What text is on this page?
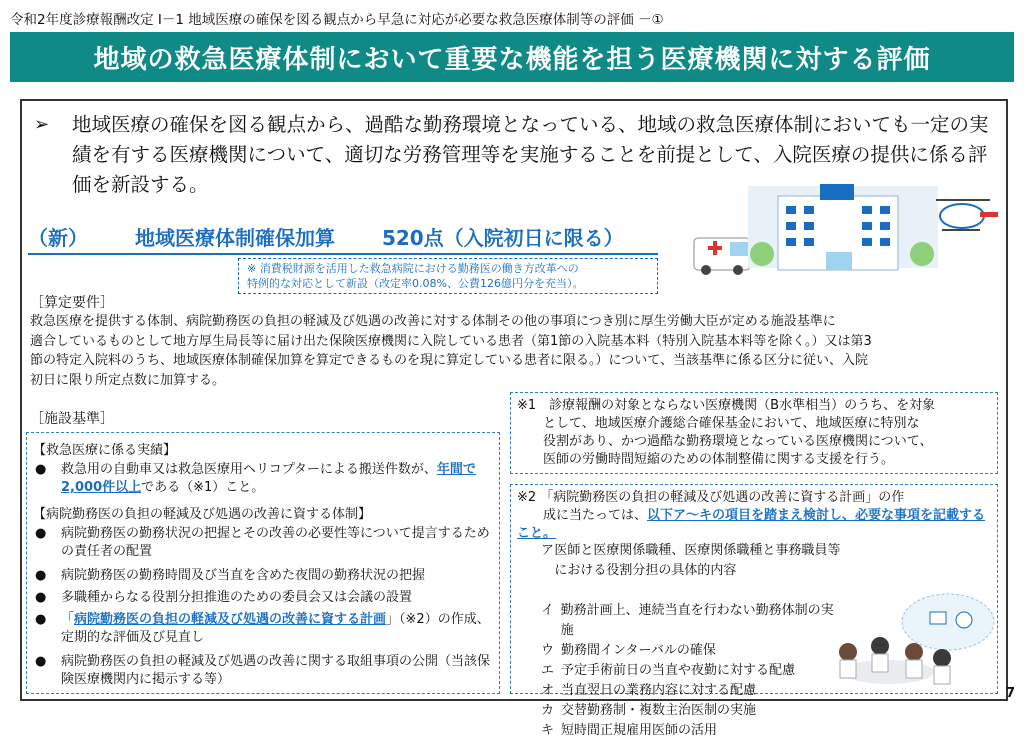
令和2年度診療報酬改定 Ⅰ－1 地域医療の確保を図る観点から早急に対応が必要な救急医療体制等の評価 －①
地域の救急医療体制において重要な機能を担う医療機関に対する評価
➢ 地域医療の確保を図る観点から、過酷な勤務環境となっている、地域の救急医療体制においても一定の実績を有する医療機関について、適切な労務管理等を実施することを前提として、入院医療の提供に係る評価を新設する。
（新） 地域医療体制確保加算 520点（入院初日に限る）
※ 消費税財源を活用した救急病院における勤務医の働き方改革への
特例的な対応として新設（改定率0.08%、公費126億円分を充当）。
［算定要件］
救急医療を提供する体制、病院勤務医の負担の軽減及び処遇の改善に対する体制その他の事項につき別に厚生労働大臣が定める施設基準に
適合しているものとして地方厚生局長等に届け出た保険医療機関に入院している患者（第1節の入院基本料（特別入院基本料等を除く。）又は第3
節の特定入院料のうち、地域医療体制確保加算を算定できるものを現に算定している患者に限る。）について、当該基準に係る区分に従い、入院
初日に限り所定点数に加算する。
［施設基準］
【救急医療に係る実績】
● 救急用の自動車又は救急医療用ヘリコプターによる搬送件数が、年間で2,000件以上である（※1）こと。
【病院勤務医の負担の軽減及び処遇の改善に資する体制】
● 病院勤務医の勤務状況の把握とその改善の必要性等について提言するための責任者の配置
● 病院勤務医の勤務時間及び当直を含めた夜間の勤務状況の把握
● 多職種からなる役割分担推進のための委員会又は会議の設置
● 「病院勤務医の負担の軽減及び処遇の改善に資する計画」（※2）の作成、定期的な評価及び見直し
● 病院勤務医の負担の軽減及び処遇の改善に関する取組事項の公開（当該保険医療機関内に掲示する等）
※1　診療報酬の対象とならない医療機関（B水準相当）のうち、を対象
　　として、地域医療介護総合確保基金において、地域医療に特別な
　　役割があり、かつ過酷な勤務環境となっている医療機関について、
　　医師の労働時間短縮のための体制整備に関する支援を行う。
※2 「病院勤務医の負担の軽減及び処遇の改善に資する計画」の作
　　成に当たっては、以下ア～キの項目を踏まえ検討し、必要な事項を記載すること。
ア 医師と医療関係職種、医療関係職種と事務職員等における役割分担の具体的内容
イ 勤務計画上、連続当直を行わない勤務体制の実施
ウ 勤務間インターバルの確保
エ 予定手術前日の当直や夜勤に対する配慮
オ 当直翌日の業務内容に対する配慮
カ 交替勤務制・複数主治医制の実施
キ 短時間正規雇用医師の活用
7
